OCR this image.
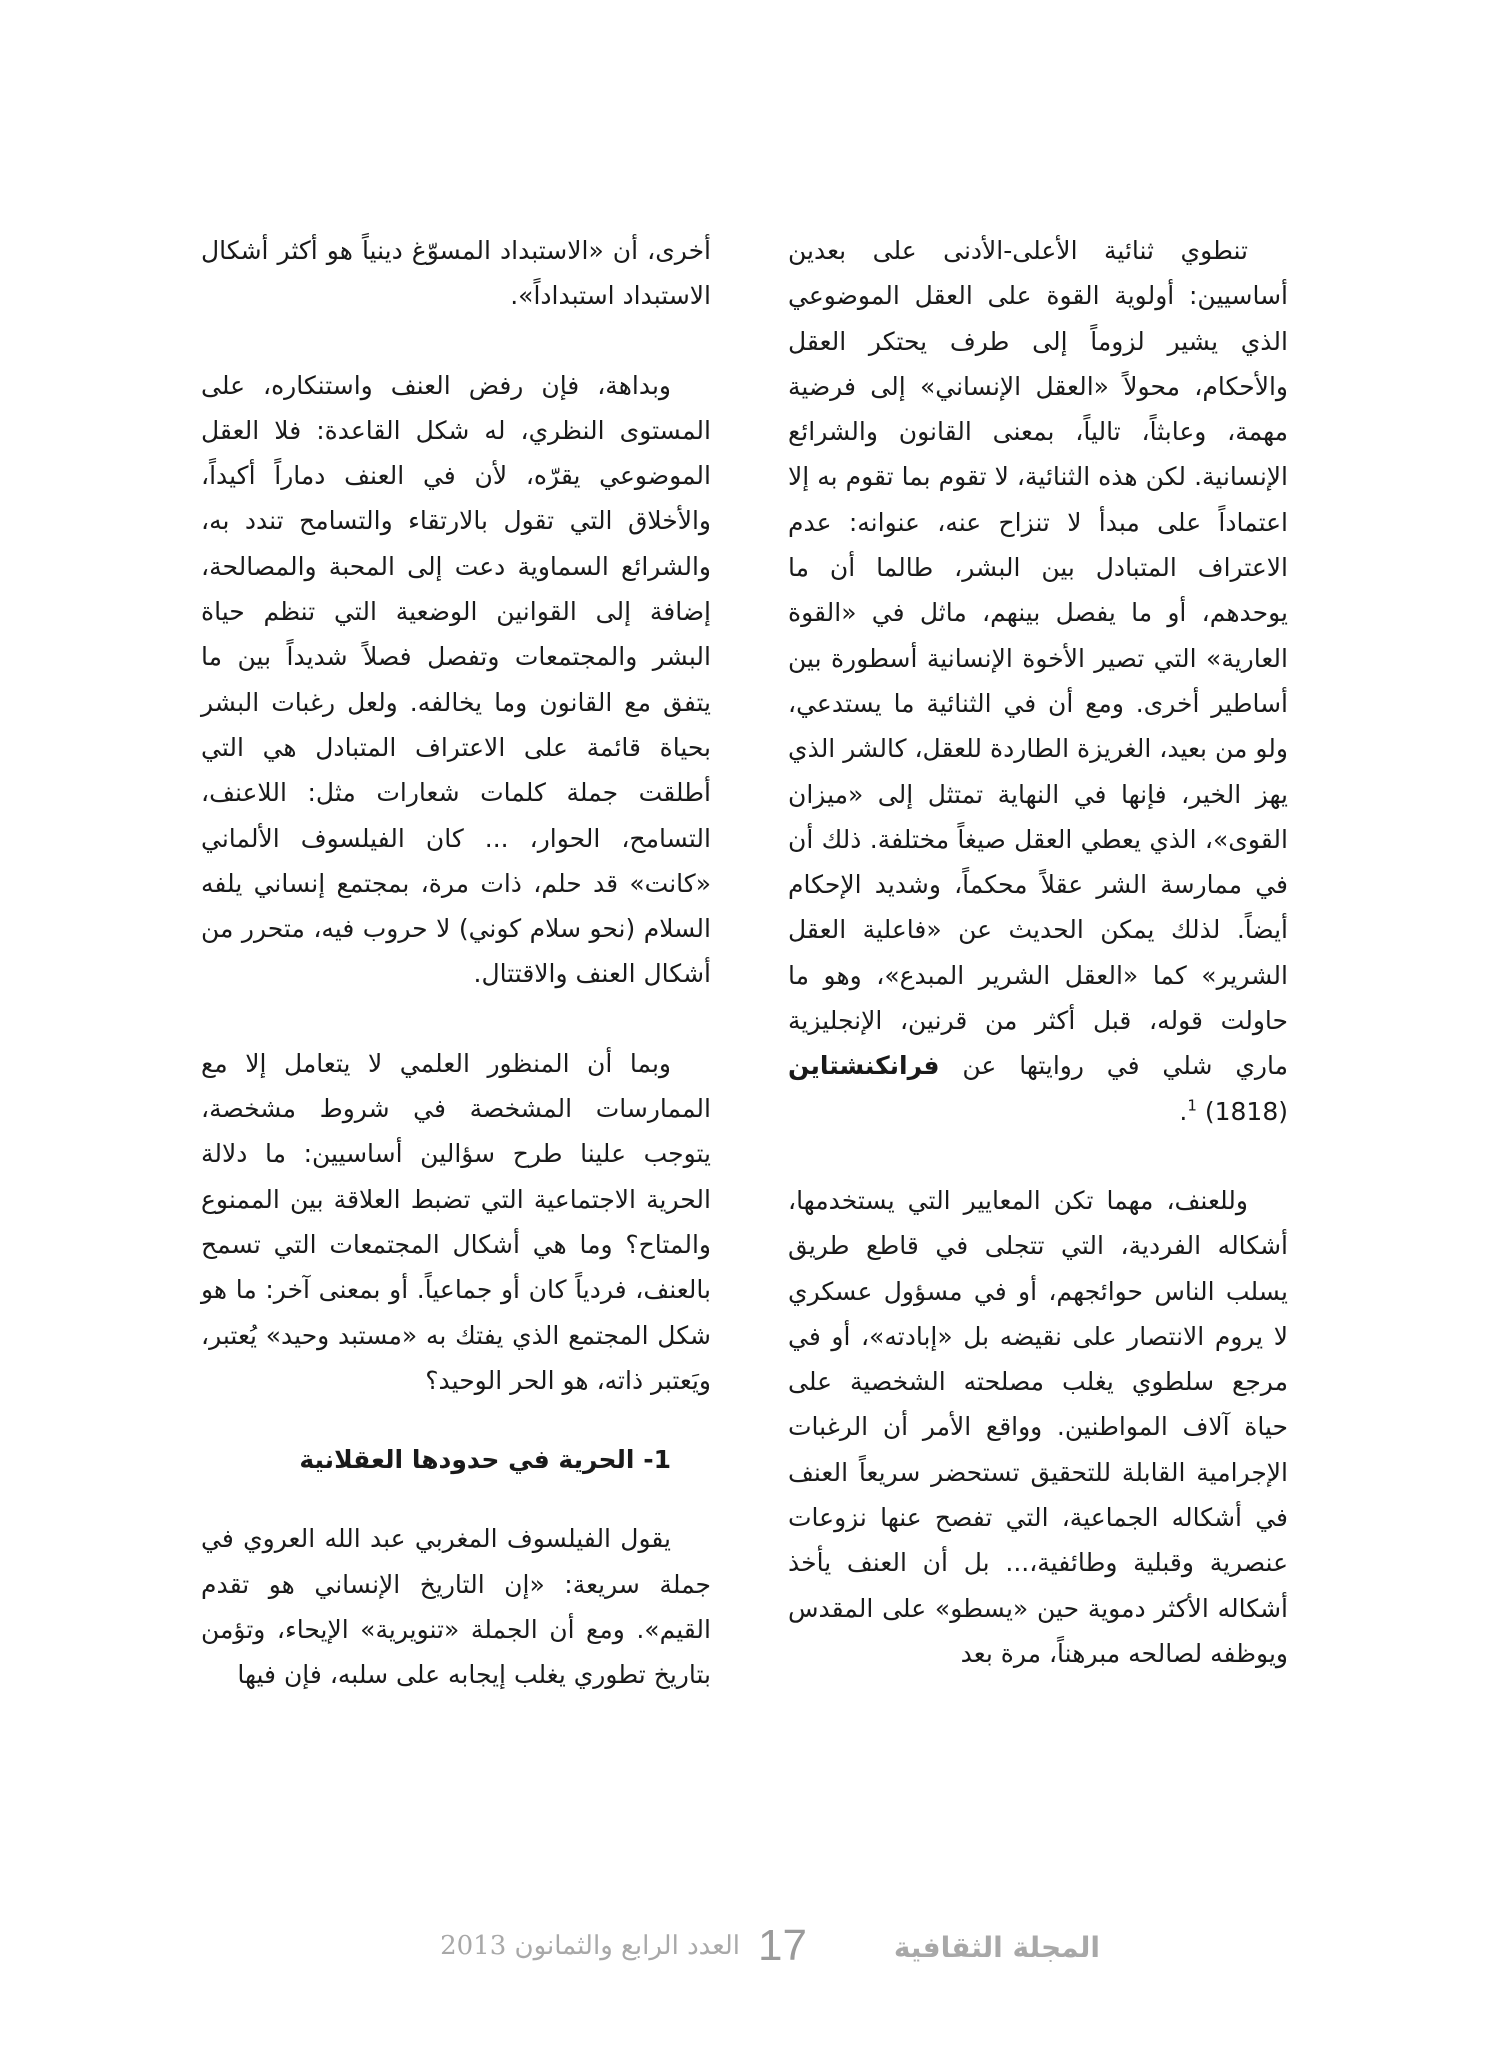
تنطوي ثنائية الأعلى-الأدنى على بعدين أساسيين: أولوية القوة على العقل الموضوعي الذي يشير لزوماً إلى طرف يحتكر العقل والأحكام، محولاً «العقل الإنساني» إلى فرضية مهمة، وعابثاً، تالياً، بمعنى القانون والشرائع الإنسانية. لكن هذه الثنائية، لا تقوم بما تقوم به إلا اعتماداً على مبدأ لا تنزاح عنه، عنوانه: عدم الاعتراف المتبادل بين البشر، طالما أن ما يوحدهم، أو ما يفصل بينهم، ماثل في «القوة العارية» التي تصير الأخوة الإنسانية أسطورة بين أساطير أخرى. ومع أن في الثنائية ما يستدعي، ولو من بعيد، الغريزة الطاردة للعقل، كالشر الذي يهز الخير، فإنها في النهاية تمتثل إلى «ميزان القوى»، الذي يعطي العقل صيغاً مختلفة. ذلك أن في ممارسة الشر عقلاً محكماً، وشديد الإحكام أيضاً. لذلك يمكن الحديث عن «فاعلية العقل الشرير» كما «العقل الشرير المبدع»، وهو ما حاولت قوله، قبل أكثر من قرنين، الإنجليزية ماري شلي في روايتها عن فرانكنشتاين (1818) $^1$.

وللعنف، مهما تكن المعايير التي يستخدمها، أشكاله الفردية، التي تتجلى في قاطع طريق يسلب الناس حوائجهم، أو في مسؤول عسكري لا يروم الانتصار على نقيضه بل «إبادته»، أو في مرجع سلطوي يغلب مصلحته الشخصية على حياة آلاف المواطنين. وواقع الأمر أن الرغبات الإجرامية القابلة للتحقيق تستحضر سريعاً العنف في أشكاله الجماعية، التي تفصح عنها نزوعات عنصرية وقبلية وطائفية،... بل أن العنف يأخذ أشكاله الأكثر دموية حين «يسطو» على المقدس ويوظفه لصالحه مبرهناً، مرة بعد

أخرى، أن «الاستبداد المسوّغ دينياً هو أكثر أشكال الاستبداد استبداداً».

وبداهة، فإن رفض العنف واستنكاره، على المستوى النظري، له شكل القاعدة: فلا العقل الموضوعي يقرّه، لأن في العنف دماراً أكيداً، والأخلاق التي تقول بالارتقاء والتسامح تندد به، والشرائع السماوية دعت إلى المحبة والمصالحة، إضافة إلى القوانين الوضعية التي تنظم حياة البشر والمجتمعات وتفصل فصلاً شديداً بين ما يتفق مع القانون وما يخالفه. ولعل رغبات البشر بحياة قائمة على الاعتراف المتبادل هي التي أطلقت جملة كلمات شعارات مثل: اللاعنف، التسامح، الحوار، ... كان الفيلسوف الألماني «كانت» قد حلم، ذات مرة، بمجتمع إنساني يلفه السلام (نحو سلام كوني) لا حروب فيه، متحرر من أشكال العنف والاقتتال.

وبما أن المنظور العلمي لا يتعامل إلا مع الممارسات المشخصة في شروط مشخصة، يتوجب علينا طرح سؤالين أساسيين: ما دلالة الحرية الاجتماعية التي تضبط العلاقة بين الممنوع والمتاح؟ وما هي أشكال المجتمعات التي تسمح بالعنف، فردياً كان أو جماعياً. أو بمعنى آخر: ما هو شكل المجتمع الذي يفتك به «مستبد وحيد» يُعتبر، ويَعتبر ذاته، هو الحر الوحيد؟

1- الحرية في حدودها العقلانية

يقول الفيلسوف المغربي عبد الله العروي في جملة سريعة: «إن التاريخ الإنساني هو تقدم القيم». ومع أن الجملة «تنويرية» الإيحاء، وتؤمن بتاريخ تطوري يغلب إيجابه على سلبه، فإن فيها

العدد الرابع والثمانون 2013 17	المجلة الثقافية
